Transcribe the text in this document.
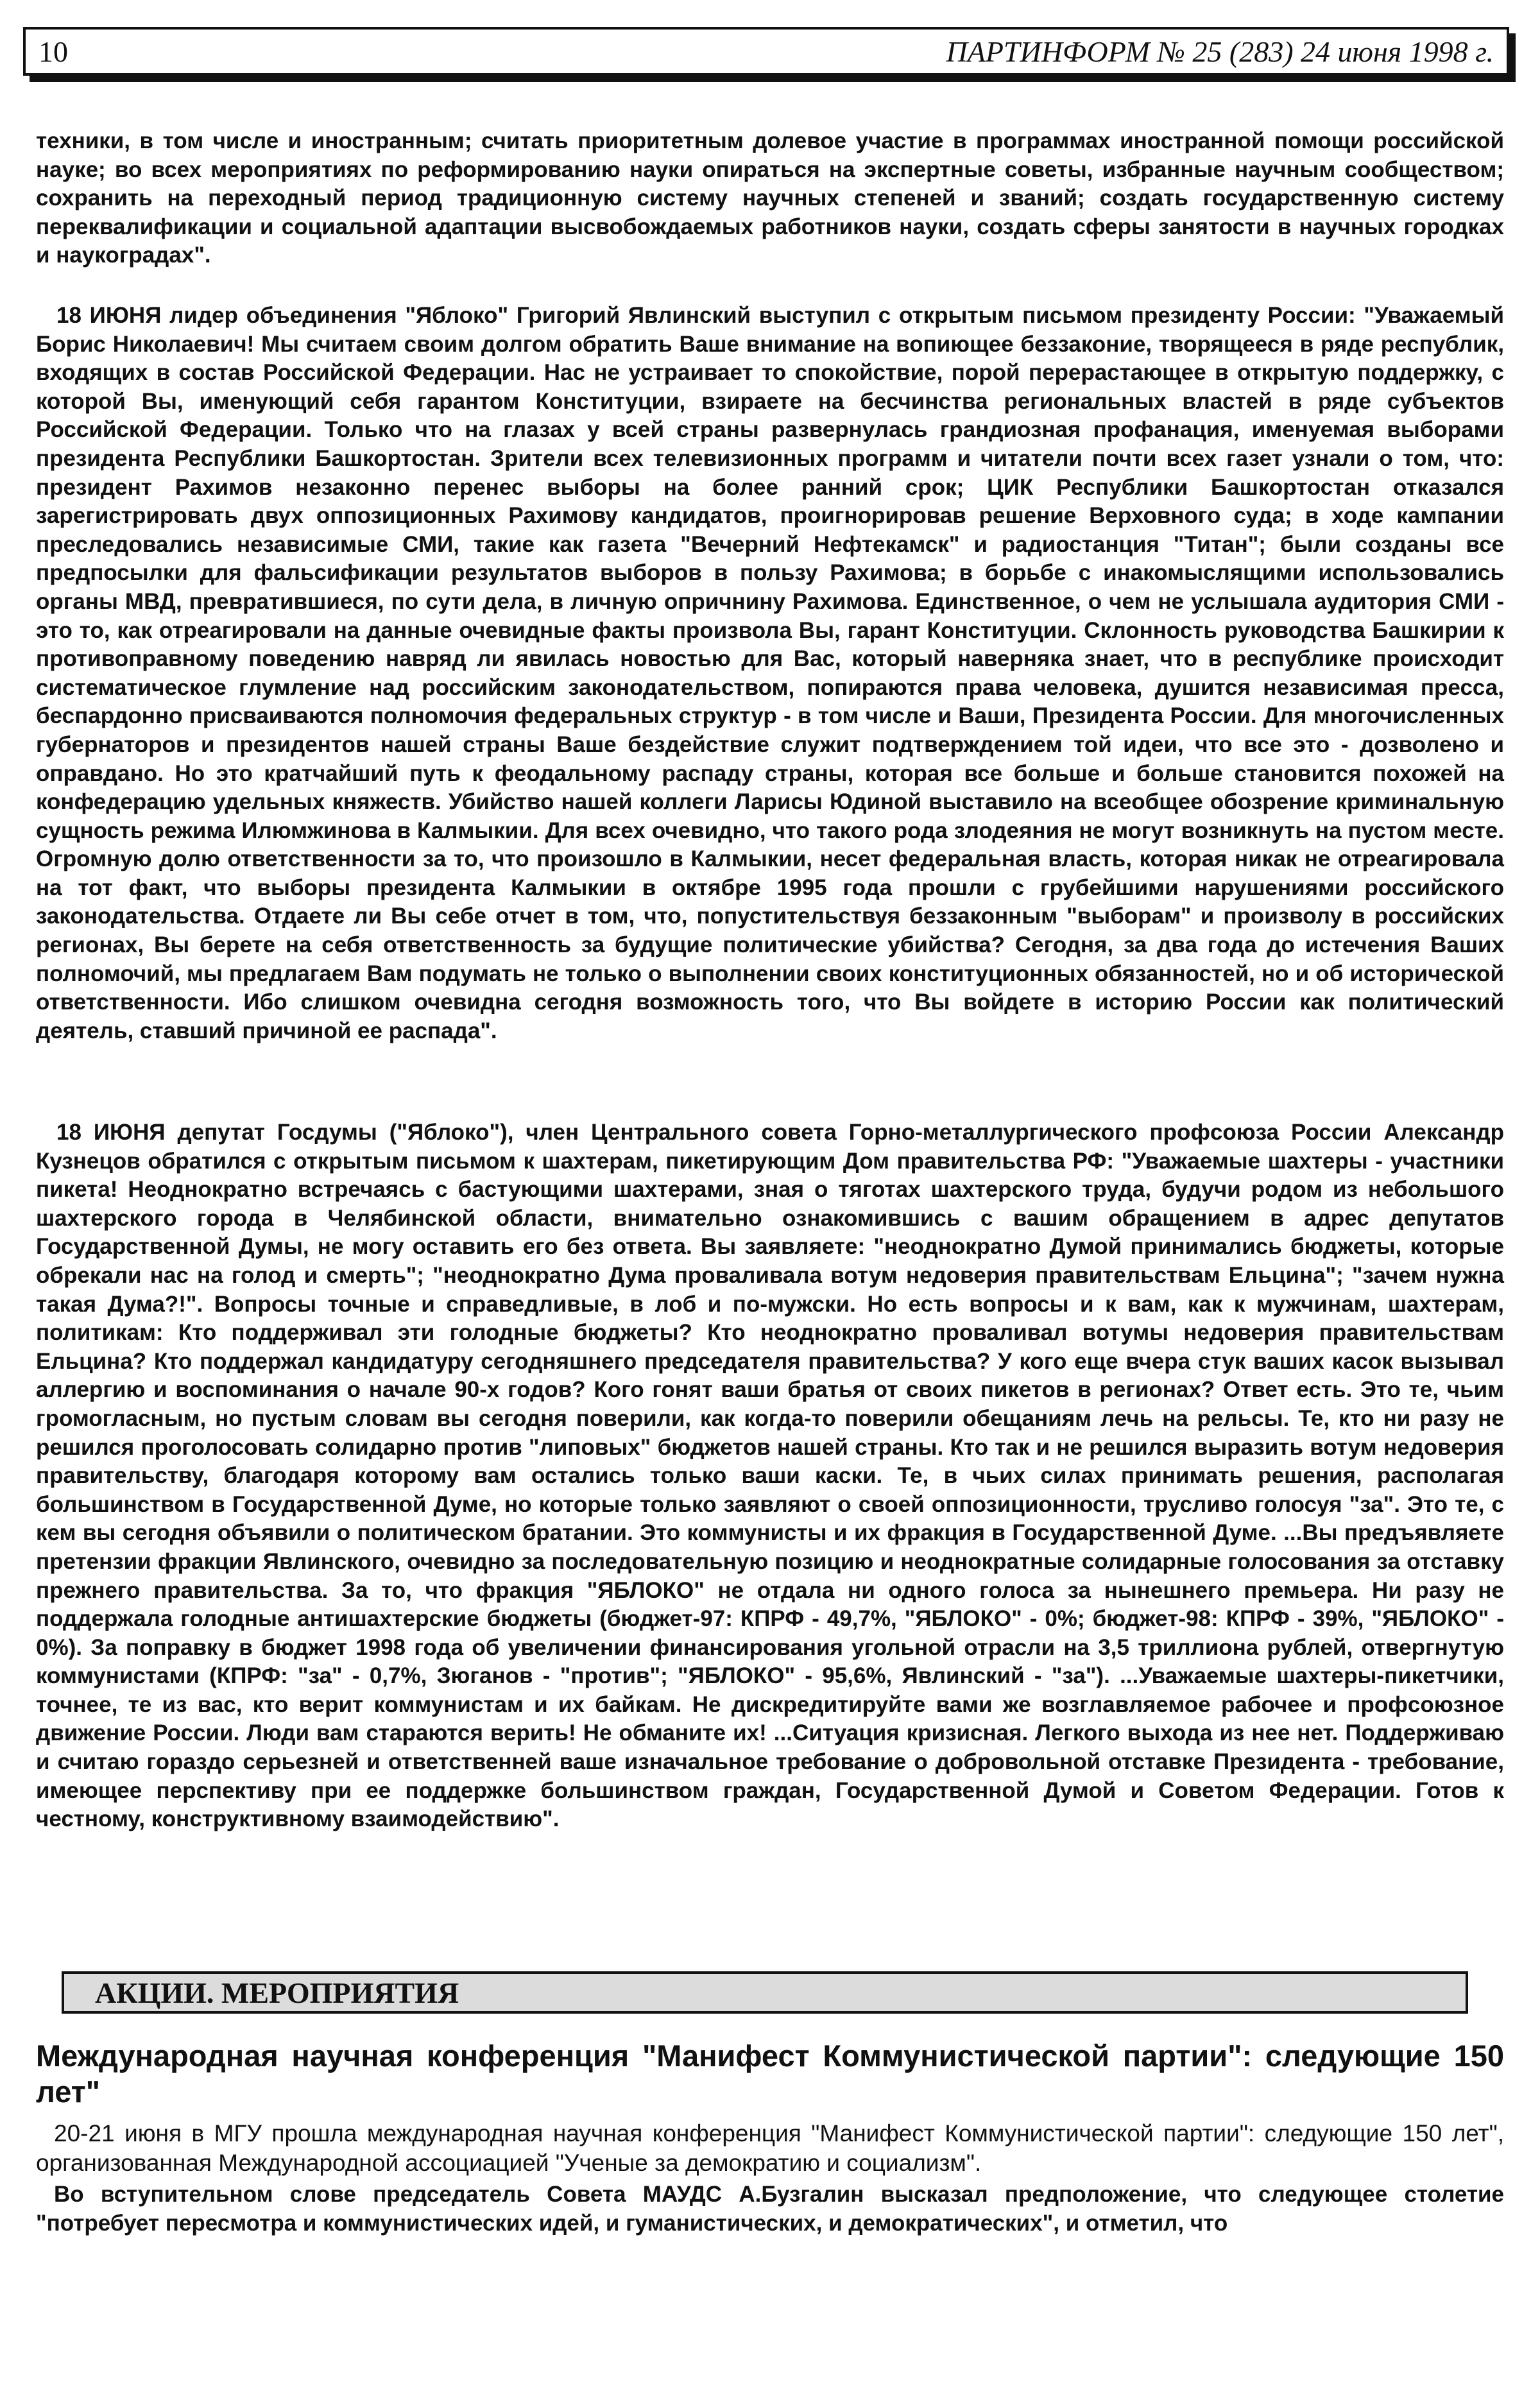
10	ПАРТИНФОРМ № 25 (283) 24 июня 1998 г.

техники, в том числе и иностранным; считать приоритетным долевое участие в программах иностранной помощи российской науке; во всех мероприятиях по реформированию науки опираться на экспертные советы, избранные научным сообществом; сохранить на переходный период традиционную систему научных степеней и званий; создать государственную систему переквалификации и социальной адаптации высвобождаемых работников науки, создать сферы занятости в научных городках и наукоградах".

18 ИЮНЯ лидер объединения "Яблоко" Григорий Явлинский выступил с открытым письмом президенту России: "Уважаемый Борис Николаевич! Мы считаем своим долгом обратить Ваше внимание на вопиющее беззаконие, творящееся в ряде республик, входящих в состав Российской Федерации. Нас не устраивает то спокойствие, порой перерастающее в открытую поддержку, с которой Вы, именующий себя гарантом Конституции, взираете на бесчинства региональных властей в ряде субъектов Российской Федерации. Только что на глазах у всей страны развернулась грандиозная профанация, именуемая выборами президента Республики Башкортостан. Зрители всех телевизионных программ и читатели почти всех газет узнали о том, что: президент Рахимов незаконно перенес выборы на более ранний срок; ЦИК Республики Башкортостан отказался зарегистрировать двух оппозиционных Рахимову кандидатов, проигнорировав решение Верховного суда; в ходе кампании преследовались независимые СМИ, такие как газета "Вечерний Нефтекамск" и радиостанция "Титан"; были созданы все предпосылки для фальсификации результатов выборов в пользу Рахимова; в борьбе с инакомыслящими использовались органы МВД, превратившиеся, по сути дела, в личную опричнину Рахимова. Единственное, о чем не услышала аудитория СМИ - это то, как отреагировали на данные очевидные факты произвола Вы, гарант Конституции. Склонность руководства Башкирии к противоправному поведению навряд ли явилась новостью для Вас, который наверняка знает, что в республике происходит систематическое глумление над российским законодательством, попираются права человека, душится независимая пресса, беспардонно присваиваются полномочия федеральных структур - в том числе и Ваши, Президента России. Для многочисленных губернаторов и президентов нашей страны Ваше бездействие служит подтверждением той идеи, что все это - дозволено и оправдано. Но это кратчайший путь к феодальному распаду страны, которая все больше и больше становится похожей на конфедерацию удельных княжеств. Убийство нашей коллеги Ларисы Юдиной выставило на всеобщее обозрение криминальную сущность режима Илюмжинова в Калмыкии. Для всех очевидно, что такого рода злодеяния не могут возникнуть на пустом месте. Огромную долю ответственности за то, что произошло в Калмыкии, несет федеральная власть, которая никак не отреагировала на тот факт, что выборы президента Калмыкии в октябре 1995 года прошли с грубейшими нарушениями российского законодательства. Отдаете ли Вы себе отчет в том, что, попустительствуя беззаконным "выборам" и произволу в российских регионах, Вы берете на себя ответственность за будущие политические убийства? Сегодня, за два года до истечения Ваших полномочий, мы предлагаем Вам подумать не только о выполнении своих конституционных обязанностей, но и об исторической ответственности. Ибо слишком очевидна сегодня возможность того, что Вы войдете в историю России как политический деятель, ставший причиной ее распада".

18 ИЮНЯ депутат Госдумы ("Яблоко"), член Центрального совета Горно-металлургического профсоюза России Александр Кузнецов обратился с открытым письмом к шахтерам, пикетирующим Дом правительства РФ: "Уважаемые шахтеры - участники пикета! Неоднократно встречаясь с бастующими шахтерами, зная о тяготах шахтерского труда, будучи родом из небольшого шахтерского города в Челябинской области, внимательно ознакомившись с вашим обращением в адрес депутатов Государственной Думы, не могу оставить его без ответа. Вы заявляете: "неоднократно Думой принимались бюджеты, которые обрекали нас на голод и смерть"; "неоднократно Дума проваливала вотум недоверия правительствам Ельцина"; "зачем нужна такая Дума?!". Вопросы точные и справедливые, в лоб и по-мужски. Но есть вопросы и к вам, как к мужчинам, шахтерам, политикам: Кто поддерживал эти голодные бюджеты? Кто неоднократно проваливал вотумы недоверия правительствам Ельцина? Кто поддержал кандидатуру сегодняшнего председателя правительства? У кого еще вчера стук ваших касок вызывал аллергию и воспоминания о начале 90-х годов? Кого гонят ваши братья от своих пикетов в регионах? Ответ есть. Это те, чьим громогласным, но пустым словам вы сегодня поверили, как когда-то поверили обещаниям лечь на рельсы. Те, кто ни разу не решился проголосовать солидарно против "липовых" бюджетов нашей страны. Кто так и не решился выразить вотум недоверия правительству, благодаря которому вам остались только ваши каски. Те, в чьих силах принимать решения, располагая большинством в Государственной Думе, но которые только заявляют о своей оппозиционности, трусливо голосуя "за". Это те, с кем вы сегодня объявили о политическом братании. Это коммунисты и их фракция в Государственной Думе. ...Вы предъявляете претензии фракции Явлинского, очевидно за последовательную позицию и неоднократные солидарные голосования за отставку прежнего правительства. За то, что фракция "ЯБЛОКО" не отдала ни одного голоса за нынешнего премьера. Ни разу не поддержала голодные антишахтерские бюджеты (бюджет-97: КПРФ - 49,7%, "ЯБЛОКО" - 0%; бюджет-98: КПРФ - 39%, "ЯБЛОКО" - 0%). За поправку в бюджет 1998 года об увеличении финансирования угольной отрасли на 3,5 триллиона рублей, отвергнутую коммунистами (КПРФ: "за" - 0,7%, Зюганов - "против"; "ЯБЛОКО" - 95,6%, Явлинский - "за"). ...Уважаемые шахтеры-пикетчики, точнее, те из вас, кто верит коммунистам и их байкам. Не дискредитируйте вами же возглавляемое рабочее и профсоюзное движение России. Люди вам стараются верить! Не обманите их! ...Ситуация кризисная. Легкого выхода из нее нет. Поддерживаю и считаю гораздо серьезней и ответственней ваше изначальное требование о добровольной отставке Президента - требование, имеющее перспективу при ее поддержке большинством граждан, Государственной Думой и Советом Федерации. Готов к честному, конструктивному взаимодействию".

АКЦИИ. МЕРОПРИЯТИЯ
Международная научная конференция "Манифест Коммунистической партии": следующие 150 лет"

20-21 июня в МГУ прошла международная научная конференция "Манифест Коммунистической партии": следующие 150 лет", организованная Международной ассоциацией "Ученые за демократию и социализм".

Во вступительном слове председатель Совета МАУДС А.Бузгалин высказал предположение, что следующее столетие "потребует пересмотра и коммунистических идей, и гуманистических, и демократических", и отметил, что
